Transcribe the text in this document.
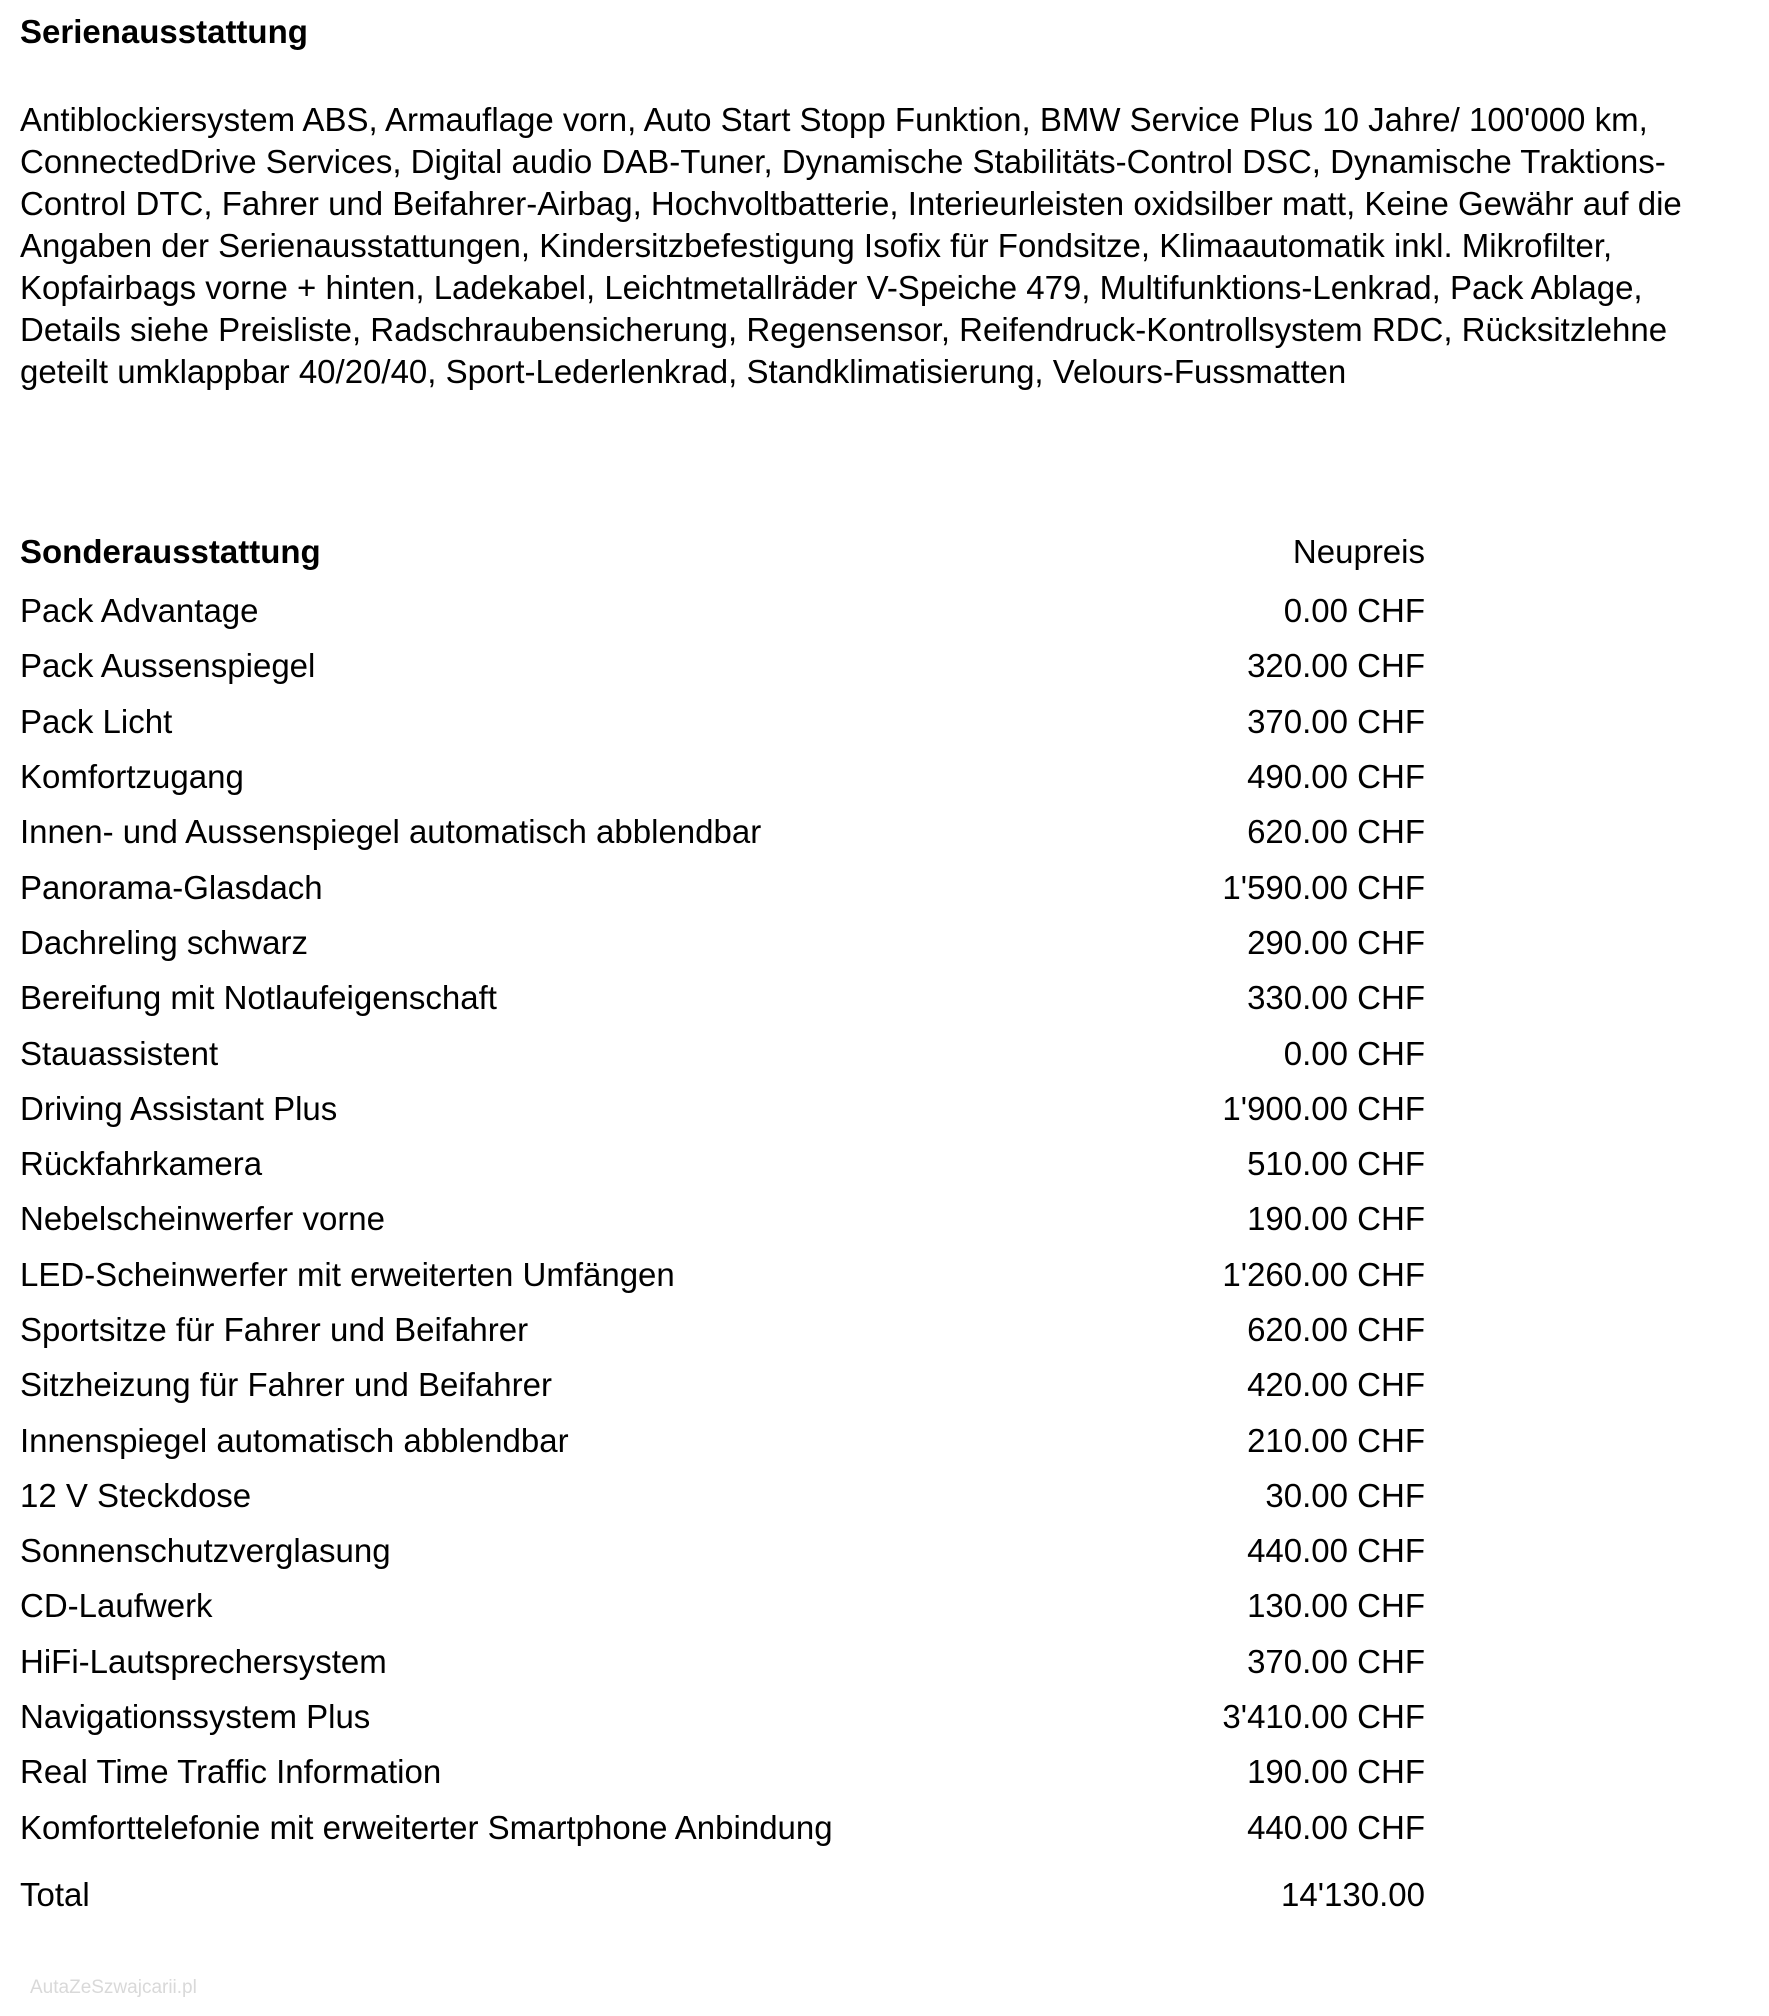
Serienausstattung

Antiblockiersystem ABS, Armauflage vorn, Auto Start Stopp Funktion, BMW Service Plus 10 Jahre/ 100'000 km, ConnectedDrive Services, Digital audio DAB-Tuner, Dynamische Stabilitäts-Control DSC, Dynamische Traktions-Control DTC, Fahrer und Beifahrer-Airbag, Hochvoltbatterie, Interieurleisten oxidsilber matt, Keine Gewähr auf die Angaben der Serienausstattungen, Kindersitzbefestigung Isofix für Fondsitze, Klimaautomatik inkl. Mikrofilter, Kopfairbags vorne + hinten, Ladekabel, Leichtmetallräder V-Speiche 479, Multifunktions-Lenkrad, Pack Ablage, Details siehe Preisliste, Radschraubensicherung, Regensensor, Reifendruck-Kontrollsystem RDC, Rücksitzlehne geteilt umklappbar 40/20/40, Sport-Lederlenkrad, Standklimatisierung, Velours-Fussmatten

Sonderausstattung	Neupreis
Pack Advantage	0.00 CHF
Pack Aussenspiegel	320.00 CHF
Pack Licht	370.00 CHF
Komfortzugang	490.00 CHF
Innen- und Aussenspiegel automatisch abblendbar	620.00 CHF
Panorama-Glasdach	1'590.00 CHF
Dachreling schwarz	290.00 CHF
Bereifung mit Notlaufeigenschaft	330.00 CHF
Stauassistent	0.00 CHF
Driving Assistant Plus	1'900.00 CHF
Rückfahrkamera	510.00 CHF
Nebelscheinwerfer vorne	190.00 CHF
LED-Scheinwerfer mit erweiterten Umfängen	1'260.00 CHF
Sportsitze für Fahrer und Beifahrer	620.00 CHF
Sitzheizung für Fahrer und Beifahrer	420.00 CHF
Innenspiegel automatisch abblendbar	210.00 CHF
12 V Steckdose	30.00 CHF
Sonnenschutzverglasung	440.00 CHF
CD-Laufwerk	130.00 CHF
HiFi-Lautsprechersystem	370.00 CHF
Navigationssystem Plus	3'410.00 CHF
Real Time Traffic Information	190.00 CHF
Komforttelefonie mit erweiterter Smartphone Anbindung	440.00 CHF
Total	14'130.00
AutaZeSzwajcarii.pl
